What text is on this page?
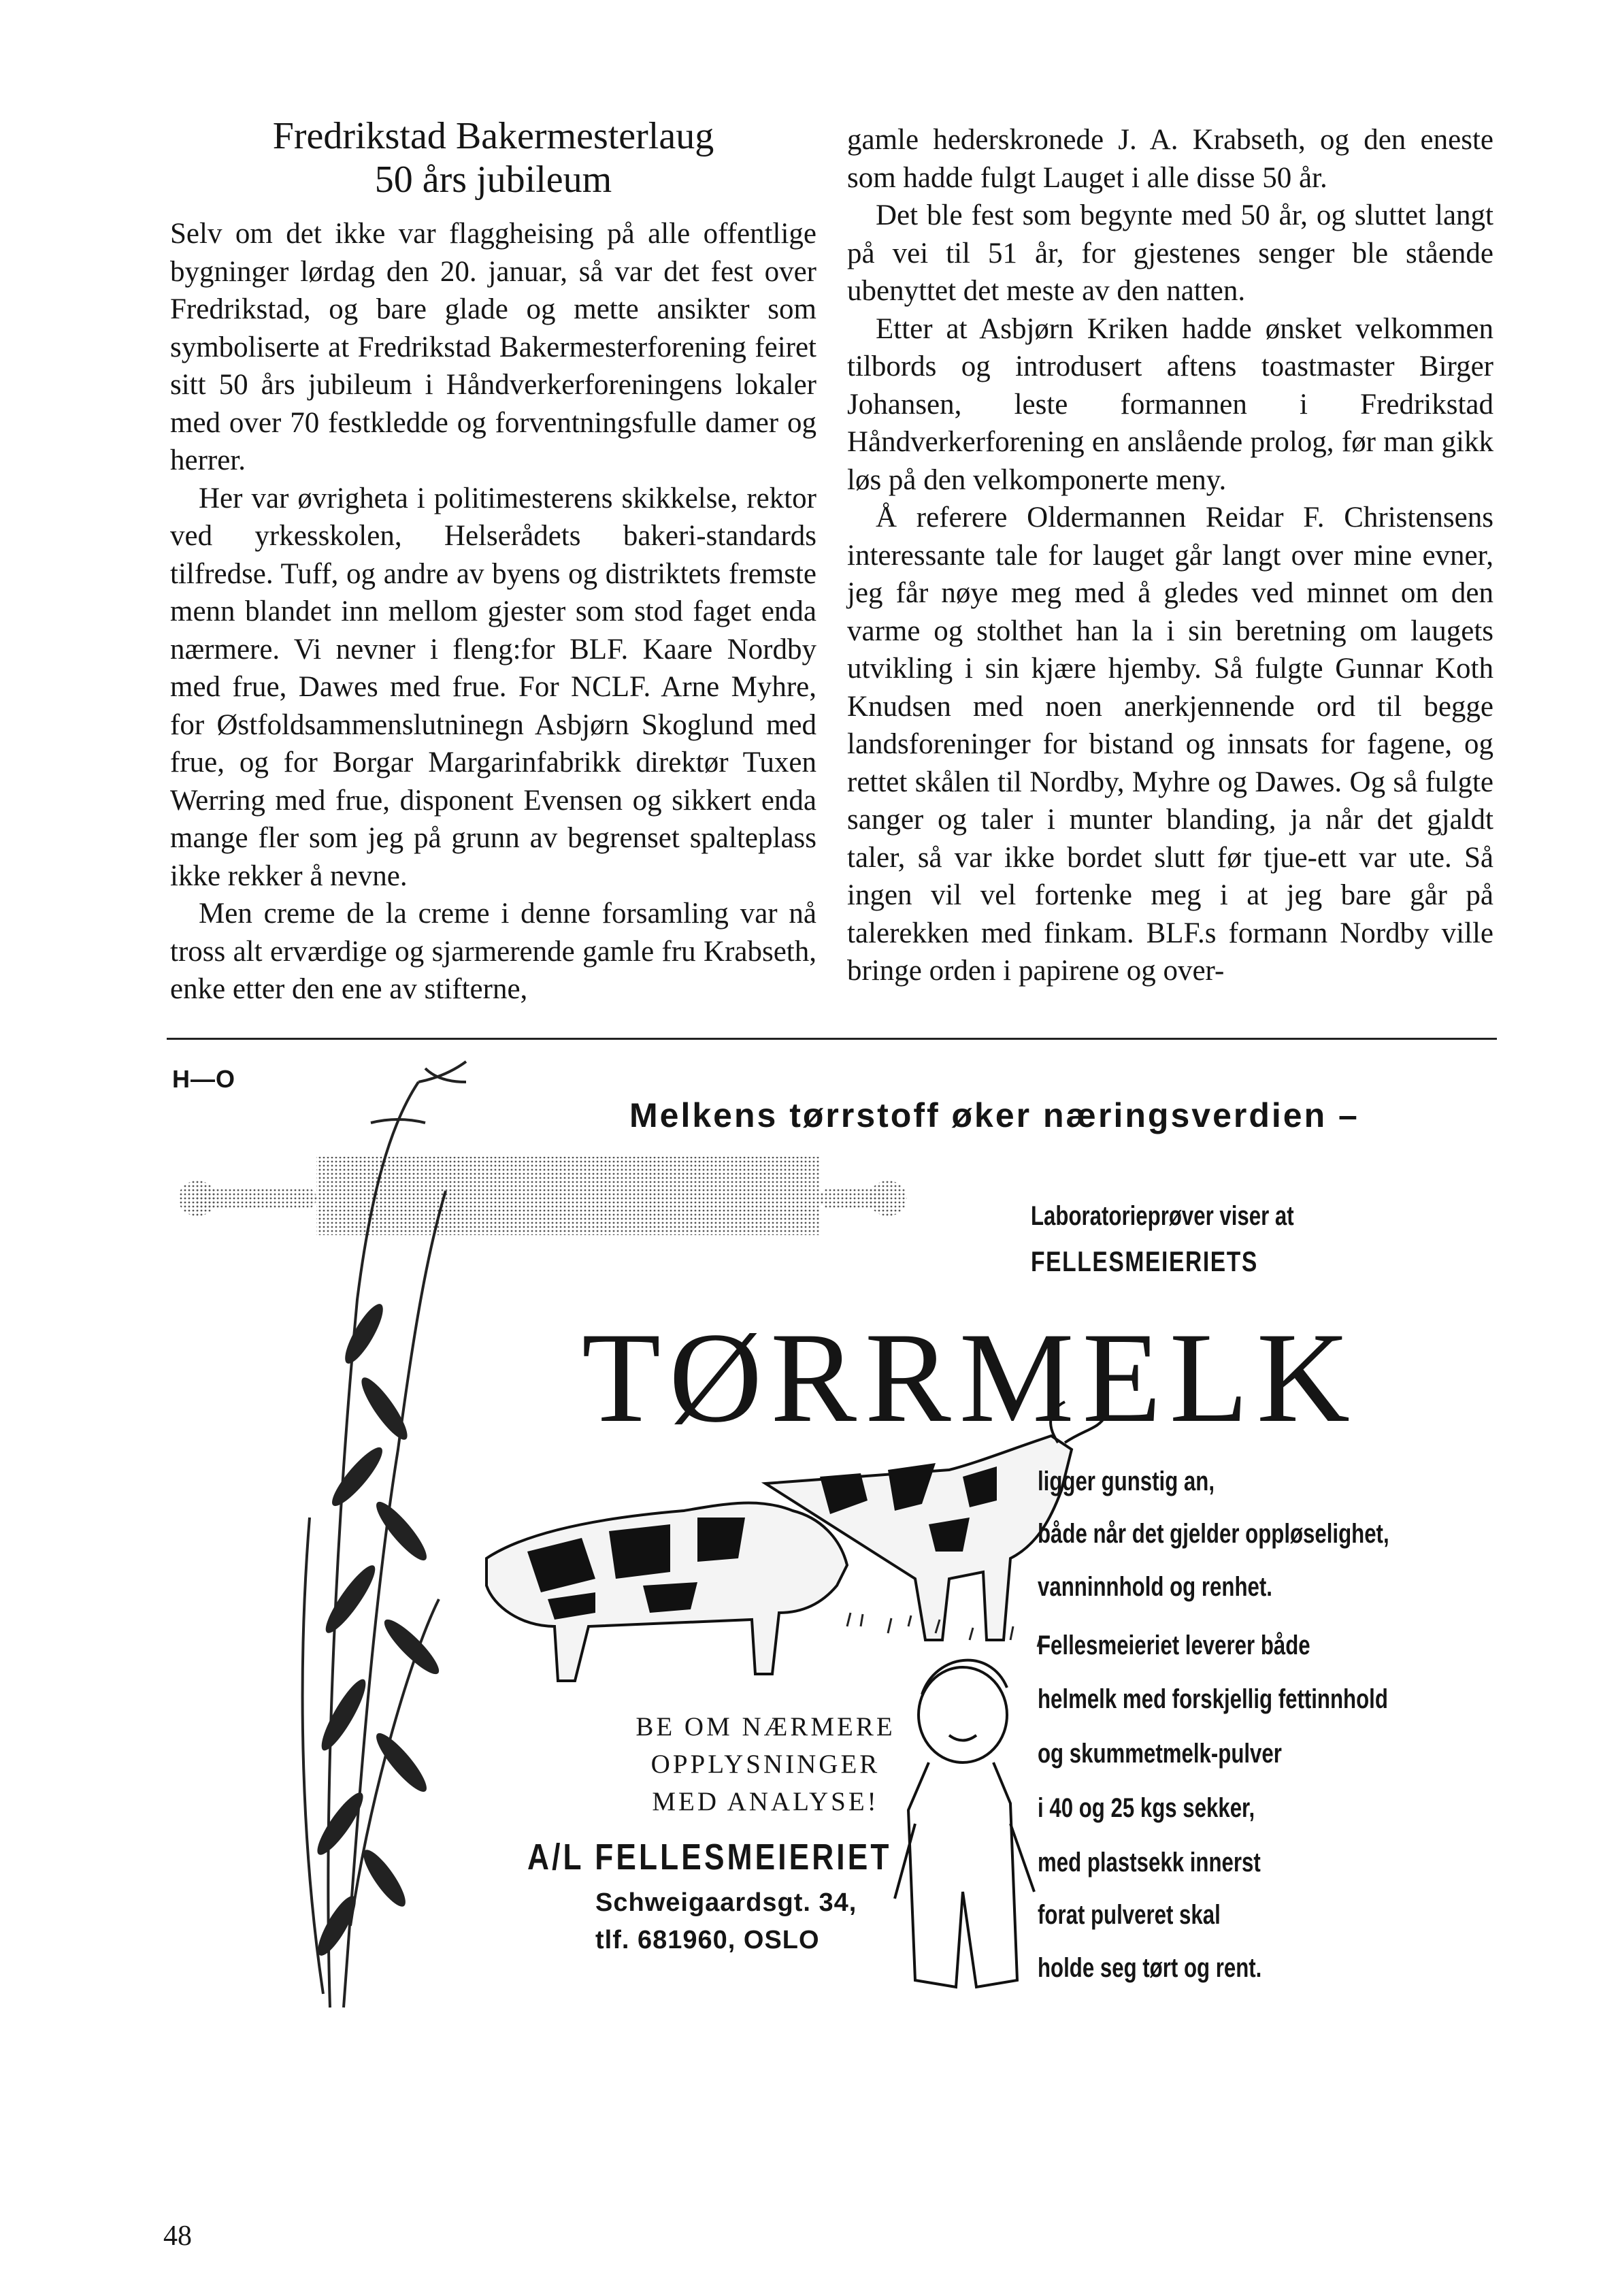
Fredrikstad Bakermesterlaug
50 års jubileum

Selv om det ikke var flaggheising på alle offentlige bygninger lørdag den 20. januar, så var det fest over Fredrikstad, og bare glade og mette ansikter som symboliserte at Fredrikstad Bakermesterforening feiret sitt 50 års jubileum i Håndverkerforeningens lokaler med over 70 festkledde og forventningsfulle damer og herrer.

Her var øvrigheta i politimesterens skikkelse, rektor ved yrkesskolen, Helserådets bakeri-standards tilfredse. Tuff, og andre av byens og distriktets fremste menn blandet inn mellom gjester som stod faget enda nærmere. Vi nevner i fleng:for BLF. Kaare Nordby med frue, Dawes med frue. For NCLF. Arne Myhre, for Østfoldsammenslutninegn Asbjørn Skoglund med frue, og for Borgar Margarinfabrikk direktør Tuxen Werring med frue, disponent Evensen og sikkert enda mange fler som jeg på grunn av begrenset spalteplass ikke rekker å nevne.

Men creme de la creme i denne forsamling var nå tross alt erværdige og sjarmerende gamle fru Krabseth, enke etter den ene av stifterne,

gamle hederskronede J. A. Krabseth, og den eneste som hadde fulgt Lauget i alle disse 50 år.

Det ble fest som begynte med 50 år, og sluttet langt på vei til 51 år, for gjestenes senger ble stående ubenyttet det meste av den natten.

Etter at Asbjørn Kriken hadde ønsket velkommen tilbords og introdusert aftens toastmaster Birger Johansen, leste formannen i Fredrikstad Håndverkerforening en anslående prolog, før man gikk løs på den velkomponerte meny.

Å referere Oldermannen Reidar F. Christensens interessante tale for lauget går langt over mine evner, jeg får nøye meg med å gledes ved minnet om den varme og stolthet han la i sin beretning om laugets utvikling i sin kjære hjemby. Så fulgte Gunnar Koth Knudsen med noen anerkjennende ord til begge landsforeninger for bistand og innsats for fagene, og rettet skålen til Nordby, Myhre og Dawes. Og så fulgte sanger og taler i munter blanding, ja når det gjaldt taler, så var ikke bordet slutt før tjue-ett var ute. Så ingen vil vel fortenke meg i at jeg bare går på talerekken med finkam. BLF.s formann Nordby ville bringe orden i papirene og over-

H—O
Melkens tørrstoff øker næringsverdien –
Laboratorieprøver viser at
FELLESMEIERIETS
TØRRMELK
ligger gunstig an,
både når det gjelder oppløselighet,
vanninnhold og renhet.
Fellesmeieriet leverer både
helmelk med forskjellig fettinnhold
og skummetmelk-pulver
i 40 og 25 kgs sekker,
med plastsekk innerst
forat pulveret skal
holde seg tørt og rent.
BE OM NÆRMERE
OPPLYSNINGER
MED ANALYSE!
A/L FELLESMEIERIET
Schweigaardsgt. 34,
tlf. 681960, OSLO
48
